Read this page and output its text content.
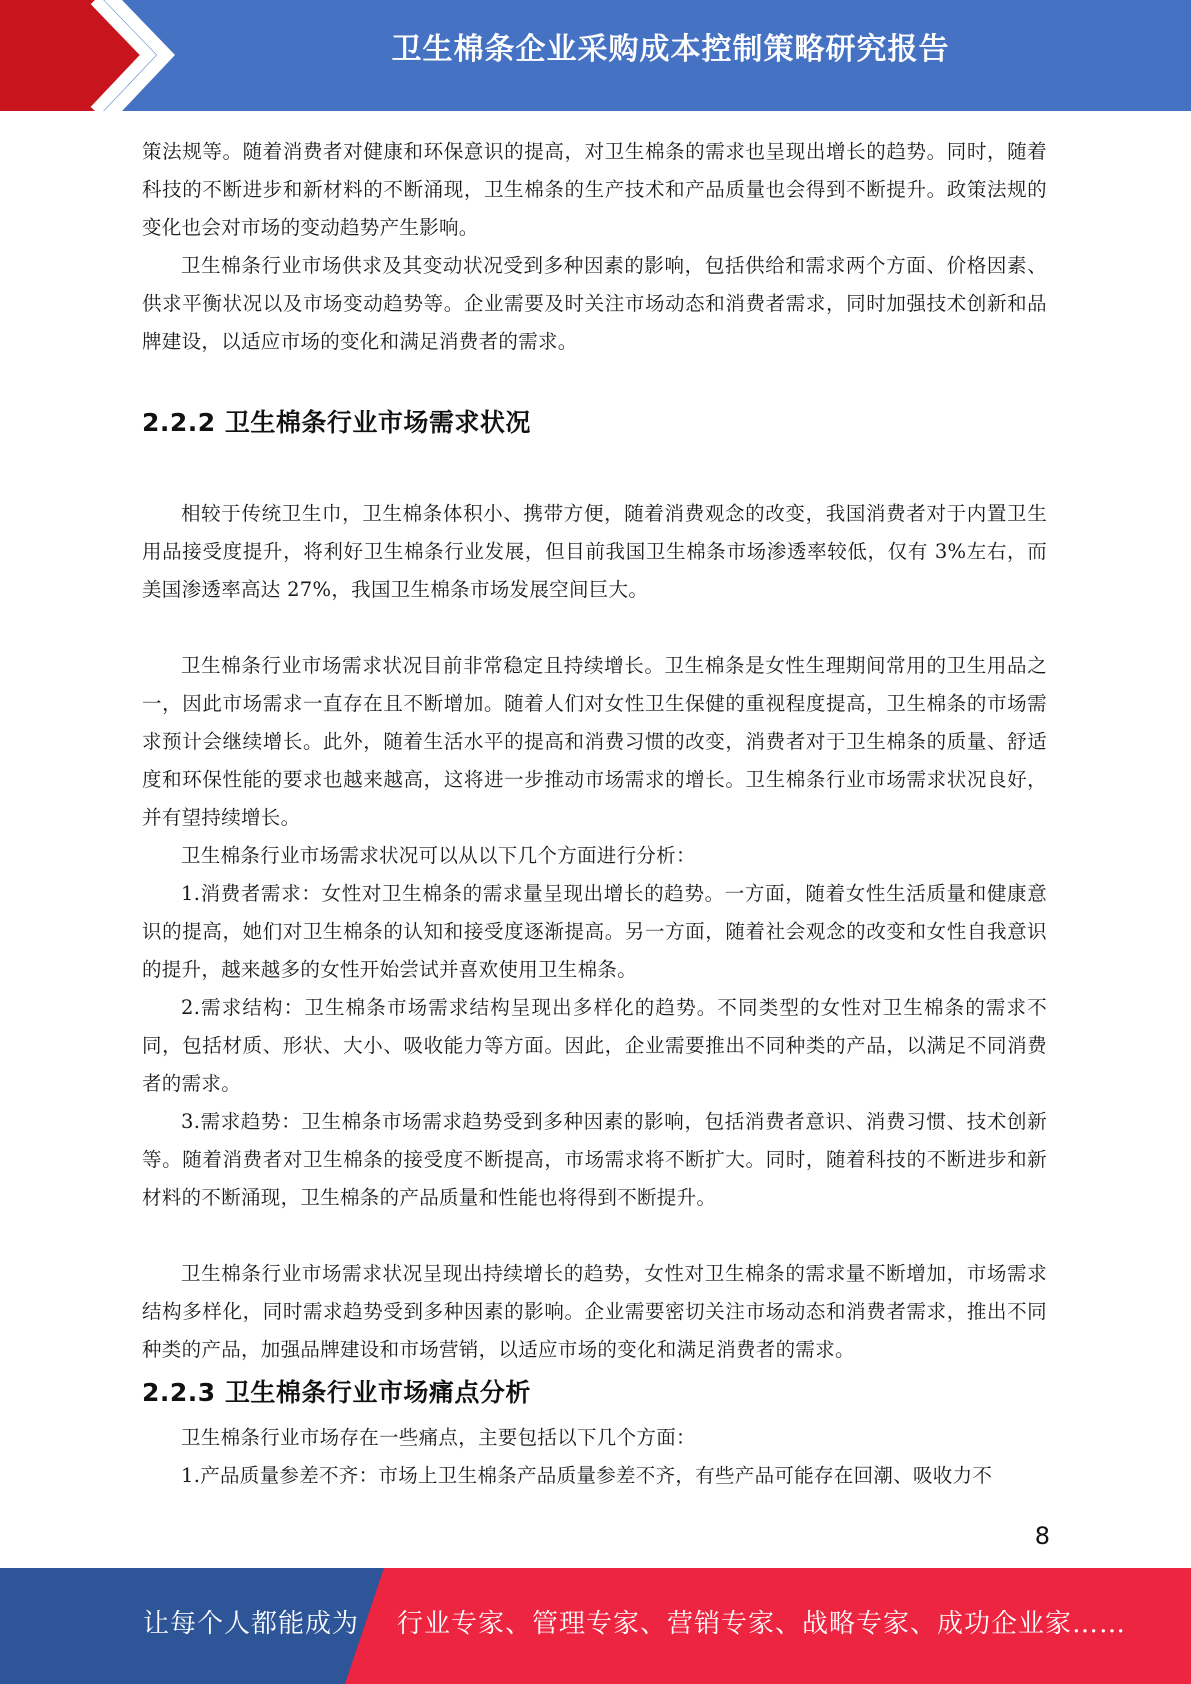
卫生棉条企业采购成本控制策略研究报告

策法规等。随着消费者对健康和环保意识的提高，对卫生棉条的需求也呈现出增长的趋势。同时，随着科技的不断进步和新材料的不断涌现，卫生棉条的生产技术和产品质量也会得到不断提升。政策法规的变化也会对市场的变动趋势产生影响。

卫生棉条行业市场供求及其变动状况受到多种因素的影响，包括供给和需求两个方面、价格因素、供求平衡状况以及市场变动趋势等。企业需要及时关注市场动态和消费者需求，同时加强技术创新和品牌建设，以适应市场的变化和满足消费者的需求。

2.2.2 卫生棉条行业市场需求状况

相较于传统卫生巾，卫生棉条体积小、携带方便，随着消费观念的改变，我国消费者对于内置卫生用品接受度提升，将利好卫生棉条行业发展，但目前我国卫生棉条市场渗透率较低，仅有 3%左右，而美国渗透率高达 27%，我国卫生棉条市场发展空间巨大。

卫生棉条行业市场需求状况目前非常稳定且持续增长。卫生棉条是女性生理期间常用的卫生用品之一，因此市场需求一直存在且不断增加。随着人们对女性卫生保健的重视程度提高，卫生棉条的市场需求预计会继续增长。此外，随着生活水平的提高和消费习惯的改变，消费者对于卫生棉条的质量、舒适度和环保性能的要求也越来越高，这将进一步推动市场需求的增长。卫生棉条行业市场需求状况良好，并有望持续增长。

卫生棉条行业市场需求状况可以从以下几个方面进行分析：

1.消费者需求：女性对卫生棉条的需求量呈现出增长的趋势。一方面，随着女性生活质量和健康意识的提高，她们对卫生棉条的认知和接受度逐渐提高。另一方面，随着社会观念的改变和女性自我意识的提升，越来越多的女性开始尝试并喜欢使用卫生棉条。

2.需求结构：卫生棉条市场需求结构呈现出多样化的趋势。不同类型的女性对卫生棉条的需求不同，包括材质、形状、大小、吸收能力等方面。因此，企业需要推出不同种类的产品，以满足不同消费者的需求。

3.需求趋势：卫生棉条市场需求趋势受到多种因素的影响，包括消费者意识、消费习惯、技术创新等。随着消费者对卫生棉条的接受度不断提高，市场需求将不断扩大。同时，随着科技的不断进步和新材料的不断涌现，卫生棉条的产品质量和性能也将得到不断提升。

卫生棉条行业市场需求状况呈现出持续增长的趋势，女性对卫生棉条的需求量不断增加，市场需求结构多样化，同时需求趋势受到多种因素的影响。企业需要密切关注市场动态和消费者需求，推出不同种类的产品，加强品牌建设和市场营销，以适应市场的变化和满足消费者的需求。

2.2.3 卫生棉条行业市场痛点分析

卫生棉条行业市场存在一些痛点，主要包括以下几个方面：

1.产品质量参差不齐：市场上卫生棉条产品质量参差不齐，有些产品可能存在回潮、吸收力不

8
让每个人都能成为 行业专家、管理专家、营销专家、战略专家、成功企业家……
